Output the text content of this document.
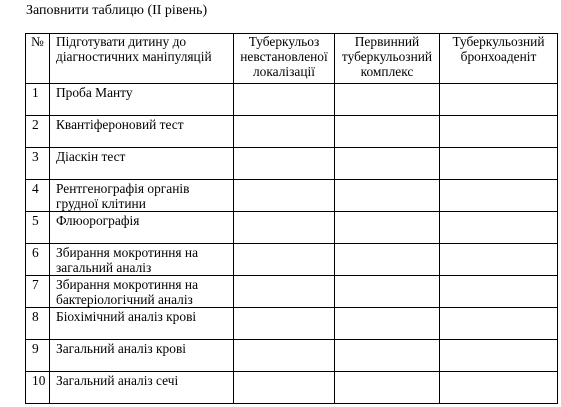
Заповнити таблицю (ІІ рівень)
№	Підготувати дитину до діагностичних маніпуляцій	Туберкульоз невстановленої локалізації	Первинний туберкульозний комплекс	Туберкульозний бронхоаденіт
1	Проба Манту			
2	Квантіфероновий тест			
3	Діаскін тест			
4	Рентгенографія органів грудної клітини			
5	Флюорографія			
6	Збирання мокротиння на загальний аналіз			
7	Збирання мокротиння на бактеріологічний аналіз			
8	Біохімічний аналіз крові			
9	Загальний аналіз крові			
10	Загальний аналіз сечі			
